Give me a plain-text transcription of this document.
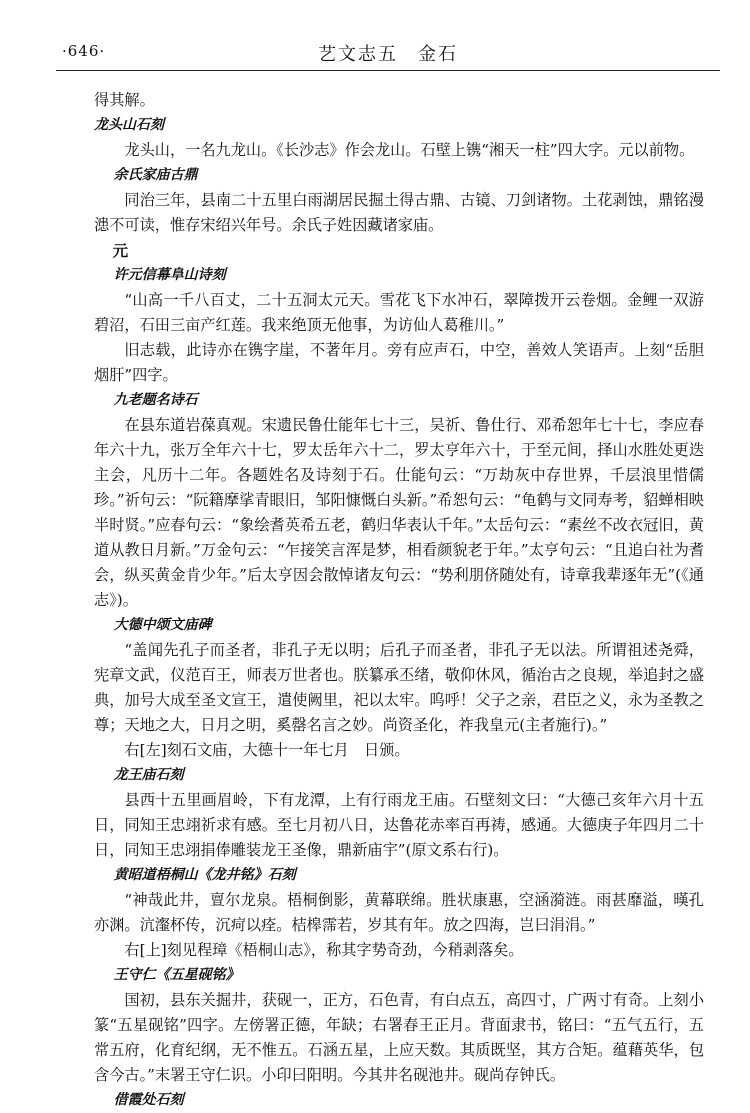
·646·	艺文志五　金石

得其解。

龙头山石刻

龙头山，一名九龙山。《长沙志》作会龙山。石壁上镌“湘天一柱”四大字。元以前物。

余氏家庙古鼎

同治三年，县南二十五里白雨湖居民掘土得古鼎、古镜、刀剑诸物。土花剥蚀，鼎铭漫漶不可读，惟存宋绍兴年号。余氏子姓因藏诸家庙。

元

许元信幕阜山诗刻

“山高一千八百丈，二十五洞太元天。雪花飞下水冲石，翠障拨开云卷烟。金鲤一双游碧沼，石田三亩产红莲。我来绝顶无他事，为访仙人葛稚川。”

旧志载，此诗亦在镌字崖，不著年月。旁有应声石，中空，善效人笑语声。上刻“岳胆烟肝”四字。

九老题名诗石

在县东道岩葆真观。宋遗民鲁仕能年七十三，吴祈、鲁仕行、邓希恕年七十七，李应春年六十九，张万全年六十七，罗太岳年六十二，罗太亨年六十，于至元间，择山水胜处更迭主会，凡历十二年。各题姓名及诗刻于石。仕能句云：“万劫灰中存世界，千层浪里惜儒珍。”祈句云：“阮籍摩挲青眼旧，邹阳慷慨白头新。”希恕句云：“龟鹤与文同寿考，貂蝉相映半时贤。”应春句云：“象绘耆英希五老，鹤归华表认千年。”太岳句云：“素丝不改衣冠旧，黄道从教日月新。”万金句云：“乍接笑言浑是梦，相看颜貌老于年。”太亨句云：“且追白社为耆会，纵买黄金肯少年。”后太亨因会散悼诸友句云：“势利朋侪随处有，诗章我辈逐年无”(《通志》)。

大德中颂文庙碑

“盖闻先孔子而圣者，非孔子无以明；后孔子而圣者，非孔子无以法。所谓祖述尧舜，宪章文武，仪范百王，师表万世者也。朕纂承丕绪，敬仰休风，循治古之良规，举追封之盛典，加号大成至圣文宣王，遣使阙里，祀以太牢。呜呼！父子之亲，君臣之义，永为圣教之尊；天地之大，日月之明，奚罄名言之妙。尚资圣化，祚我皇元(主者施行)。”

右[左]刻石文庙，大德十一年七月　日颁。

龙王庙石刻

县西十五里画眉岭，下有龙潭，上有行雨龙王庙。石壁刻文曰：“大德己亥年六月十五日，同知王忠翊祈求有感。至七月初八日，达鲁花赤率百再祷，感通。大德庚子年四月二十日，同知王忠翊捐俸雕装龙王圣像，鼎新庙宇”(原文系右行)。

黄昭道梧桐山《龙井铭》石刻

“神哉此井，亶尔龙泉。梧桐倒影，黄幕联绵。胜状康惠，空涵漪涟。雨甚靡溢，暵孔亦渊。沆瀣杯传，沉疴以痊。桔槔霈若，岁其有年。放之四海，岂曰涓涓。”

右[上]刻见程璋《梧桐山志》，称其字势奇劲，今稍剥落矣。

王守仁《五星砚铭》

国初，县东关掘井，获砚一，正方，石色青，有白点五，高四寸，广两寸有奇。上刻小篆“五星砚铭”四字。左傍署正德，年缺；右署春王正月。背面隶书，铭曰：“五气五行，五常五府，化育纪纲，无不惟五。石涵五星，上应天数。其质既坚，其方合矩。蕴藉英华，包含今古。”末署王守仁识。小印曰阳明。今其井名砚池井。砚尚存钟氏。

借霞处石刻
